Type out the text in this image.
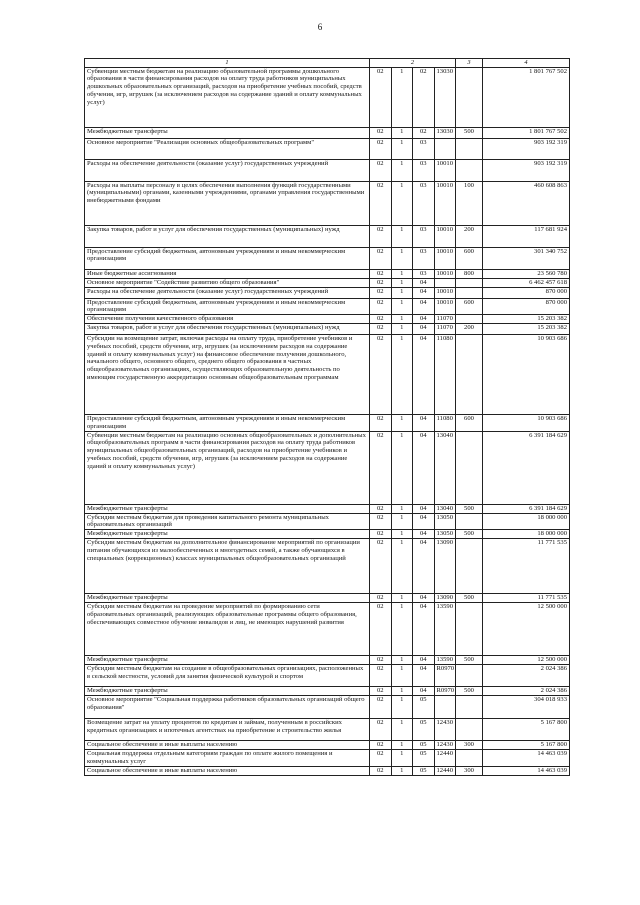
6
1	2				3	4
Субвенции местным бюджетам на реализацию образовательной программы дошкольного образования в части финансирования расходов на оплату труда работников муниципальных дошкольных образовательных организаций, расходов на приобретение учебных пособий, средств обучения, игр, игрушек (за исключением расходов на содержание зданий и оплату коммунальных услуг)	02	1	02	13030		1 801 767 502
Межбюджетные трансферты	02	1	02	13030	500	1 801 767 502
Основное мероприятие "Реализация основных общеобразовательных программ"	02	1	03			903 192 319
Расходы на обеспечение деятельности (оказание услуг) государственных учреждений	02	1	03	10010		903 192 319
Расходы на выплаты персоналу в целях обеспечения выполнения функций государственными (муниципальными) органами, казенными учреждениями, органами управления государственными внебюджетными фондами	02	1	03	10010	100	460 608 863
Закупка товаров, работ и услуг для обеспечения государственных (муниципальных) нужд	02	1	03	10010	200	117 681 924
Предоставление субсидий бюджетным, автономным учреждениям и иным некоммерческим организациям	02	1	03	10010	600	301 340 752
Иные бюджетные ассигнования	02	1	03	10010	800	23 560 780
Основное мероприятие "Содействие развитию общего образования"	02	1	04			6 462 457 618
Расходы на обеспечение деятельности (оказание услуг) государственных учреждений	02	1	04	10010		870 000
Предоставление субсидий бюджетным, автономным учреждениям и иным некоммерческим организациям	02	1	04	10010	600	870 000
Обеспечение получения качественного образования	02	1	04	11070		15 203 382
Закупка товаров, работ и услуг для обеспечения государственных (муниципальных) нужд	02	1	04	11070	200	15 203 382
Субсидии на возмещение затрат, включая расходы на оплату труда, приобретение учебников и учебных пособий, средств обучения, игр, игрушек (за исключением расходов на содержание зданий и оплату коммунальных услуг) на финансовое обеспечение получения дошкольного, начального общего, основного общего, среднего общего образования в частных общеобразовательных организациях, осуществляющих образовательную деятельность по имеющим государственную аккредитацию основным общеобразовательным программам	02	1	04	11080		10 903 686
Предоставление субсидий бюджетным, автономным учреждениям и иным некоммерческим организациям	02	1	04	11080	600	10 903 686
Субвенции местным бюджетам на реализацию основных общеобразовательных и дополнительных общеобразовательных программ в части финансирования расходов на оплату труда работников муниципальных общеобразовательных организаций, расходов на приобретение учебников и учебных пособий, средств обучения, игр, игрушек (за исключением расходов на содержание зданий и оплату коммунальных услуг)	02	1	04	13040		6 391 184 629
Межбюджетные трансферты	02	1	04	13040	500	6 391 184 629
Субсидии местным бюджетам для проведения капитального ремонта муниципальных образовательных организаций	02	1	04	13050		18 000 000
Межбюджетные трансферты	02	1	04	13050	500	18 000 000
Субсидии местным бюджетам на дополнительное финансирование мероприятий по организации питания обучающихся из малообеспеченных и многодетных семей, а также обучающихся в специальных (коррекционных) классах муниципальных общеобразовательных организаций	02	1	04	13090		11 771 535
Межбюджетные трансферты	02	1	04	13090	500	11 771 535
Субсидии местным бюджетам на проведение мероприятий по формированию сети образовательных организаций, реализующих образовательные программы общего образования, обеспечивающих совместное обучение инвалидов и лиц, не имеющих нарушений развития	02	1	04	13590		12 500 000
Межбюджетные трансферты	02	1	04	13590	500	12 500 000
Субсидии местным бюджетам на создание в общеобразовательных организациях, расположенных в сельской местности, условий для занятия физической культурой и спортом	02	1	04	R0970		2 024 386
Межбюджетные трансферты	02	1	04	R0970	500	2 024 386
Основное мероприятие "Социальная поддержка работников образовательных организаций общего образования"	02	1	05			304 018 933
Возмещение затрат на уплату процентов по кредитам и займам, полученным в российских кредитных организациях и ипотечных агентствах на приобретение и строительство жилья	02	1	05	12430		5 167 800
Социальное обеспечение и иные выплаты населению	02	1	05	12430	300	5 167 800
Социальная поддержка отдельным категориям граждан по оплате жилого помещения и коммунальных услуг	02	1	05	12440		14 463 039
Социальное обеспечение и иные выплаты населению	02	1	05	12440	300	14 463 039
